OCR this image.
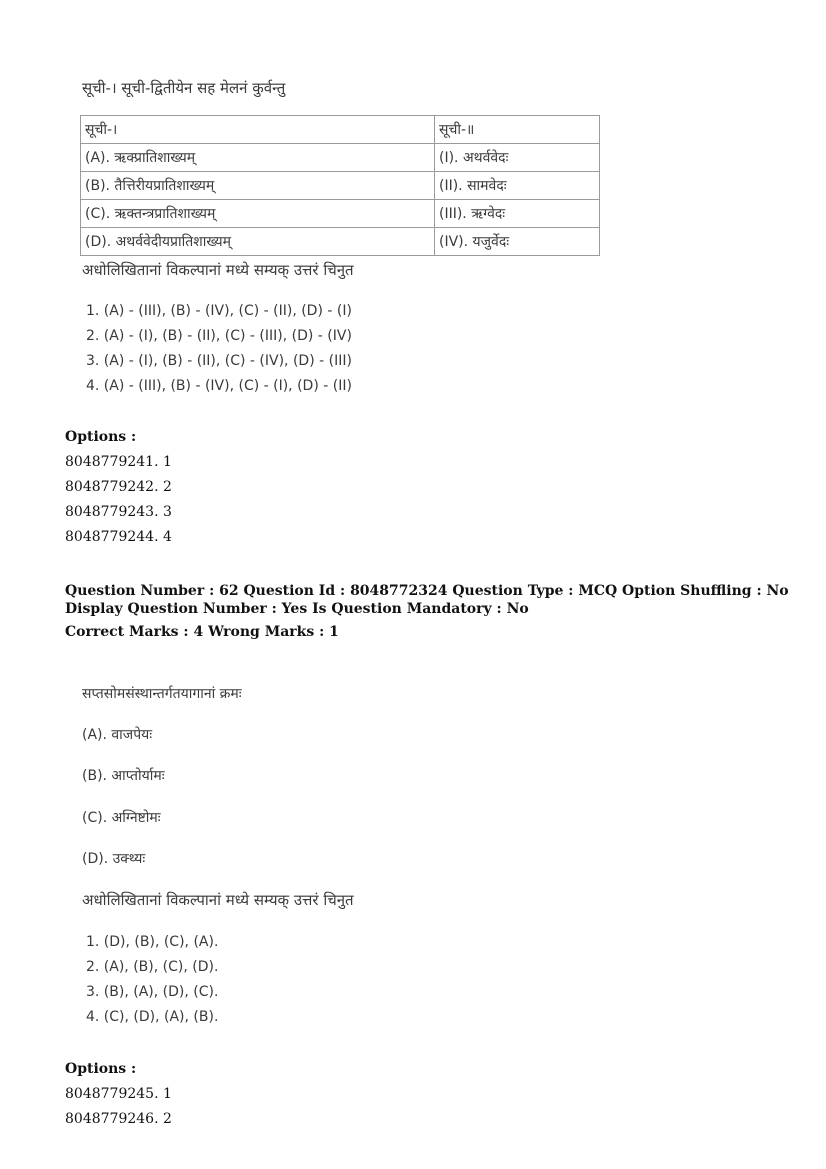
सूची-। सूची-द्वितीयेन सह मेलनं कुर्वन्तु
सूची-।	सूची-॥
(A). ऋक्प्रातिशाख्यम्	(I). अथर्ववेदः
(B). तैत्तिरीयप्रातिशाख्यम्	(II). सामवेदः
(C). ऋक्तन्त्रप्रातिशाख्यम्	(III). ऋग्वेदः
(D). अथर्ववेदीयप्रातिशाख्यम्	(IV). यजुर्वेदः
अधोलिखितानां विकल्पानां मध्ये सम्यक् उत्तरं चिनुत
1. (A) - (III), (B) - (IV), (C) - (II), (D) - (I)
2. (A) - (I), (B) - (II), (C) - (III), (D) - (IV)
3. (A) - (I), (B) - (II), (C) - (IV), (D) - (III)
4. (A) - (III), (B) - (IV), (C) - (I), (D) - (II)
Options :
8048779241. 1
8048779242. 2
8048779243. 3
8048779244. 4
Question Number : 62 Question Id : 8048772324 Question Type : MCQ Option Shuffling : No
Display Question Number : Yes Is Question Mandatory : No
Correct Marks : 4 Wrong Marks : 1
सप्तसोमसंस्थान्तर्गतयागानां क्रमः
(A). वाजपेयः
(B). आप्तोर्यामः
(C). अग्निष्टोमः
(D). उक्थ्यः
अधोलिखितानां विकल्पानां मध्ये सम्यक् उत्तरं चिनुत
1. (D), (B), (C), (A).
2. (A), (B), (C), (D).
3. (B), (A), (D), (C).
4. (C), (D), (A), (B).
Options :
8048779245. 1
8048779246. 2
